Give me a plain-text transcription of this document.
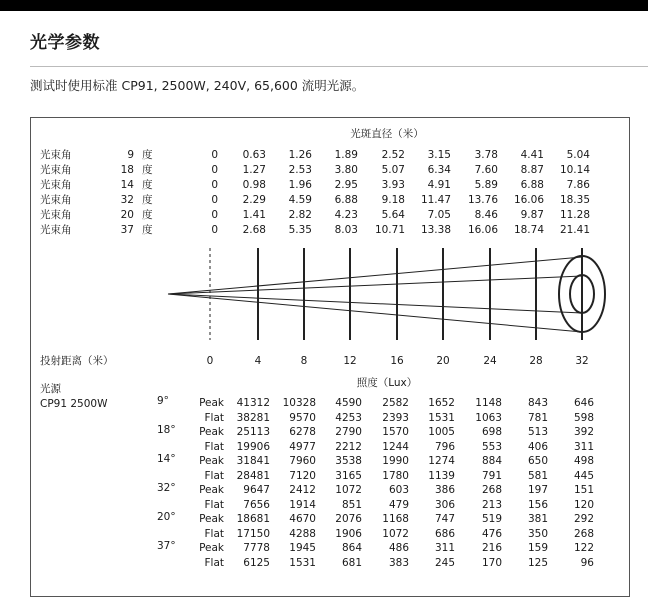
光学参数
测试时使用标准 CP91, 2500W, 240V, 65,600 流明光源。
光斑直径（米）
投射距离（米）
光源
CP91 2500W
照度（Lux）
光束角	9 度	0 0.63 1.26 1.89 2.52 3.15 3.78 4.41 5.04
光束角	18 度	0 1.27 2.53 3.80 5.07 6.34 7.60 8.87 10.14
光束角	14 度	0 0.98 1.96 2.95 3.93 4.91 5.89 6.88 7.86
光束角	32 度	0 2.29 4.59 6.88 9.18 11.47 13.76 16.06 18.35
光束角	20 度	0 1.41 2.82 4.23 5.64 7.05 8.46 9.87 11.28
光束角	37 度	0 2.68 5.35 8.03 10.71 13.38 16.06 18.74 21.41
0	4	8	12	16	20	24	28	32
9°	Peak 41312 10328 4590 2582 1652 1148 843 646
Flat 38281 9570 4253 2393 1531 1063 781 598
18° Peak 25113 6278 2790 1570 1005	698 513 392
Flat 19906 4977 2212 1244 796	553 406 311
14° Peak 31841 7960 3538 1990 1274	884 650 498
Flat 28481 7120 3165 1780 1139	791 581 445
32° Peak 9647 2412 1072	603 386	268 197 151
Flat 7656 1914 851	479 306	213 156 120
20° Peak 18681 4670 2076 1168 747	519 381 292
Flat 17150 4288 1906 1072 686	476 350 268
37° Peak 7778 1945 864	486 311	216 159 122
Flat 6125 1531 681	383 245	170 125	96
